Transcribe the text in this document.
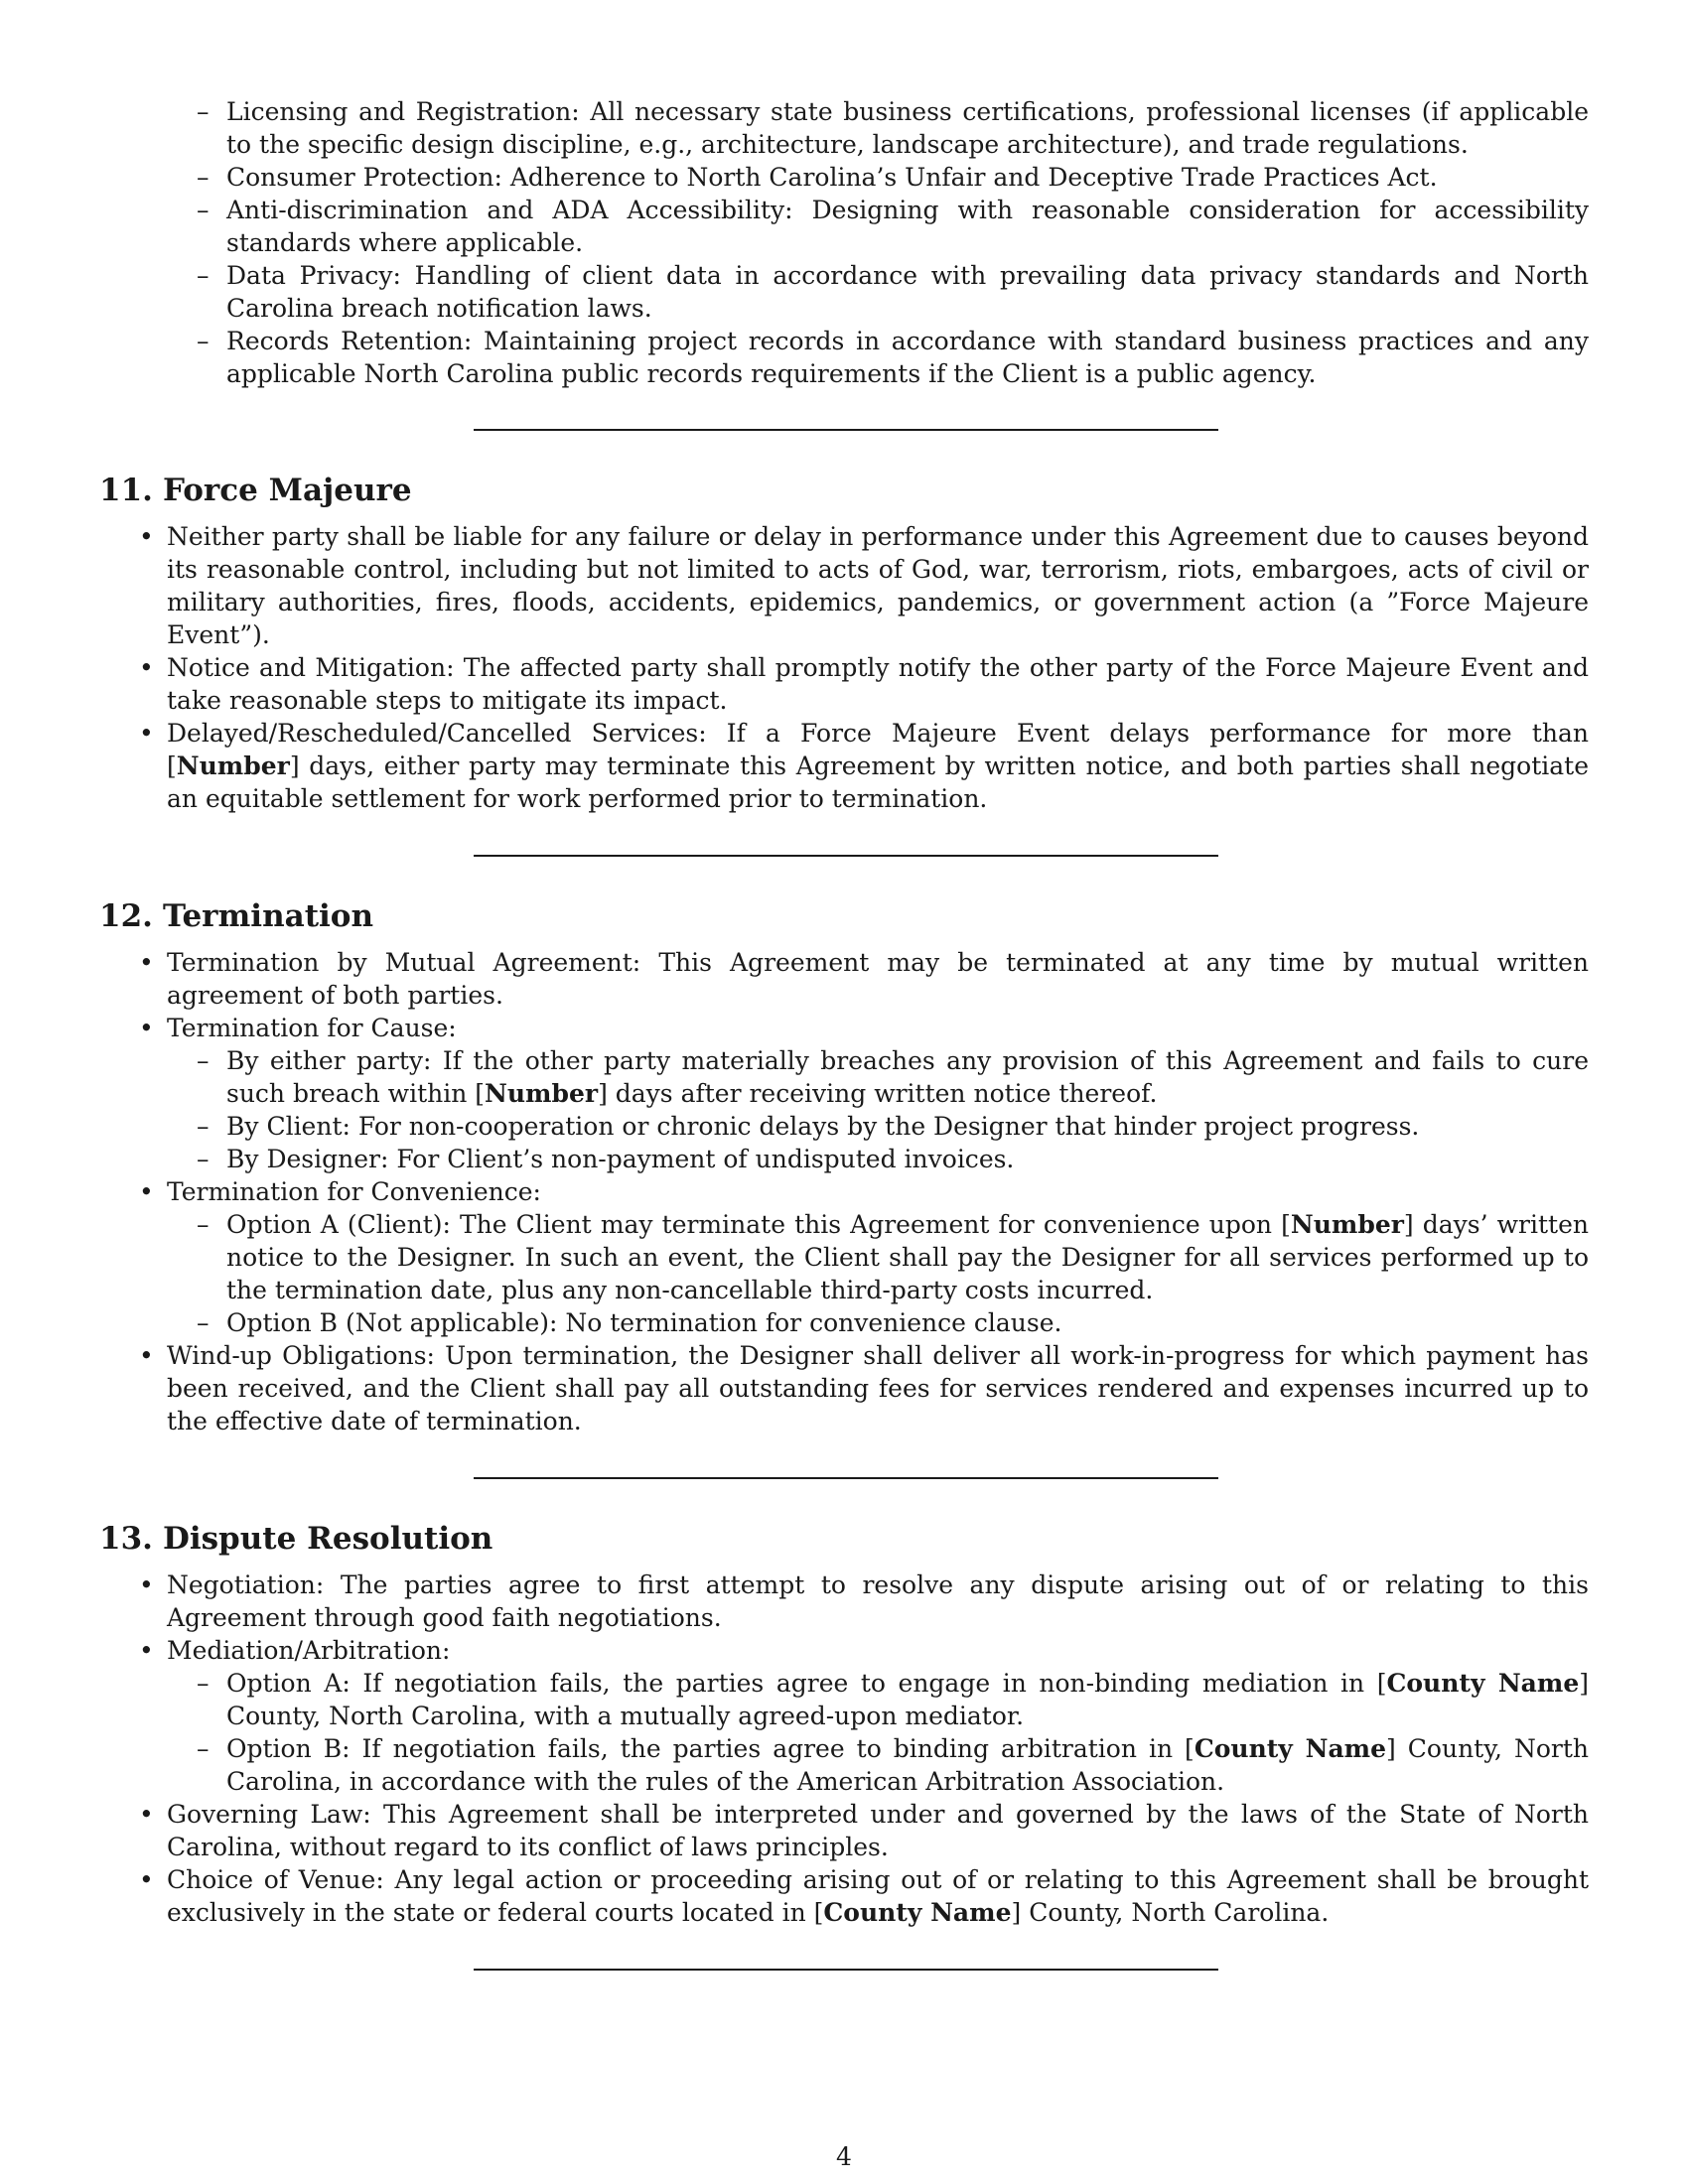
– Licensing and Registration: All necessary state business certifications, professional licenses (if applicable to the specific design discipline, e.g., architecture, landscape architecture), and trade regulations.
– Consumer Protection: Adherence to North Carolina’s Unfair and Deceptive Trade Practices Act.
– Anti-discrimination and ADA Accessibility: Designing with reasonable consideration for accessibility standards where applicable.
– Data Privacy: Handling of client data in accordance with prevailing data privacy standards and North Carolina breach notification laws.
– Records Retention: Maintaining project records in accordance with standard business practices and any applicable North Carolina public records requirements if the Client is a public agency.
11. Force Majeure
• Neither party shall be liable for any failure or delay in performance under this Agreement due to causes beyond its reasonable control, including but not limited to acts of God, war, terrorism, riots, embargoes, acts of civil or military authorities, fires, floods, accidents, epidemics, pandemics, or government action (a ”Force Majeure Event”).
• Notice and Mitigation: The affected party shall promptly notify the other party of the Force Majeure Event and take reasonable steps to mitigate its impact.
• Delayed/Rescheduled/Cancelled Services: If a Force Majeure Event delays performance for more than [Number] days, either party may terminate this Agreement by written notice, and both parties shall negotiate an equitable settlement for work performed prior to termination.
12. Termination
• Termination by Mutual Agreement: This Agreement may be terminated at any time by mutual written agreement of both parties.
• Termination for Cause:
– By either party: If the other party materially breaches any provision of this Agreement and fails to cure such breach within [Number] days after receiving written notice thereof.
– By Client: For non-cooperation or chronic delays by the Designer that hinder project progress.
– By Designer: For Client’s non-payment of undisputed invoices.
• Termination for Convenience:
– Option A (Client): The Client may terminate this Agreement for convenience upon [Number] days’ written notice to the Designer. In such an event, the Client shall pay the Designer for all services performed up to the termination date, plus any non-cancellable third-party costs incurred.
– Option B (Not applicable): No termination for convenience clause.
• Wind-up Obligations: Upon termination, the Designer shall deliver all work-in-progress for which payment has been received, and the Client shall pay all outstanding fees for services rendered and expenses incurred up to the effective date of termination.
13. Dispute Resolution
• Negotiation: The parties agree to first attempt to resolve any dispute arising out of or relating to this Agreement through good faith negotiations.
• Mediation/Arbitration:
– Option A: If negotiation fails, the parties agree to engage in non-binding mediation in [County Name] County, North Carolina, with a mutually agreed-upon mediator.
– Option B: If negotiation fails, the parties agree to binding arbitration in [County Name] County, North Carolina, in accordance with the rules of the American Arbitration Association.
• Governing Law: This Agreement shall be interpreted under and governed by the laws of the State of North Carolina, without regard to its conflict of laws principles.
• Choice of Venue: Any legal action or proceeding arising out of or relating to this Agreement shall be brought exclusively in the state or federal courts located in [County Name] County, North Carolina.
4
